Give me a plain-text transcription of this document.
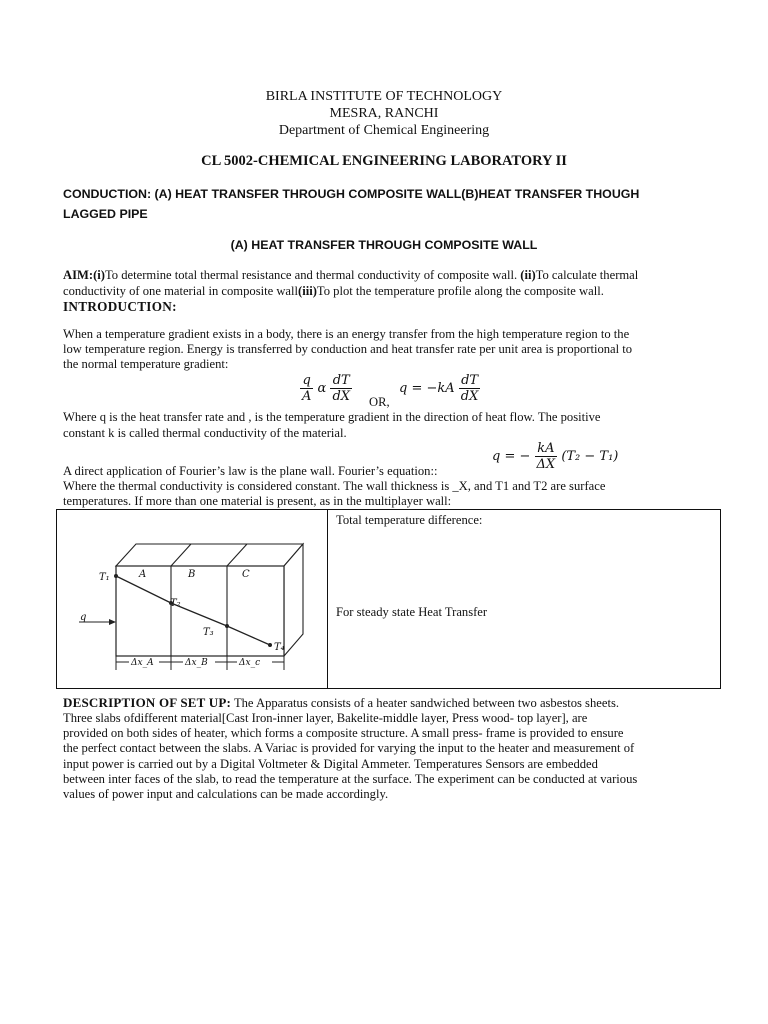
BIRLA INSTITUTE OF TECHNOLOGY
MESRA, RANCHI
Department of Chemical Engineering
CL 5002-CHEMICAL ENGINEERING LABORATORY II
CONDUCTION: (A) HEAT TRANSFER THROUGH COMPOSITE WALL(B)HEAT TRANSFER THOUGH
LAGGED PIPE
(A) HEAT TRANSFER THROUGH COMPOSITE WALL
AIM:(i)To determine total thermal resistance and thermal conductivity of composite wall. (ii)To calculate thermal
conductivity of one material in composite wall(iii)To plot the temperature profile along the composite wall.
INTRODUCTION:
When a temperature gradient exists in a body, there is an energy transfer from the high temperature region to the
low temperature region. Energy is transferred by conduction and heat transfer rate per unit area is proportional to
the normal temperature gradient:
$\frac{q}{A}$ α $\frac{dT}{dX}$ OR,
$q = -kA \frac{dT}{dX}$
Where q is the heat transfer rate and , is the temperature gradient in the direction of heat flow. The positive
constant k is called thermal conductivity of the material.
q = − $\frac{kA}{\Delta X} (T_2 - T_1)$
A direct application of Fourier’s law is the plane wall. Fourier’s equation::
Where the thermal conductivity is considered constant. The wall thickness is _X, and T1 and T2 are surface
temperatures. If more than one material is present, as in the multiplayer wall:
T₁
T₂
T₃
T₄
q
A	B	C
Δx_A	Δx_B	Δx_c
Total temperature difference:
For steady state Heat Transfer
DESCRIPTION OF SET UP: The Apparatus consists of a heater sandwiched between two asbestos sheets.
Three slabs ofdifferent material[Cast Iron-inner layer, Bakelite-middle layer, Press wood- top layer], are
provided on both sides of heater, which forms a composite structure. A small press- frame is provided to ensure
the perfect contact between the slabs. A Variac is provided for varying the input to the heater and measurement of
input power is carried out by a Digital Voltmeter & Digital Ammeter. Temperatures Sensors are embedded
between inter faces of the slab, to read the temperature at the surface. The experiment can be conducted at various
values of power input and calculations can be made accordingly.
